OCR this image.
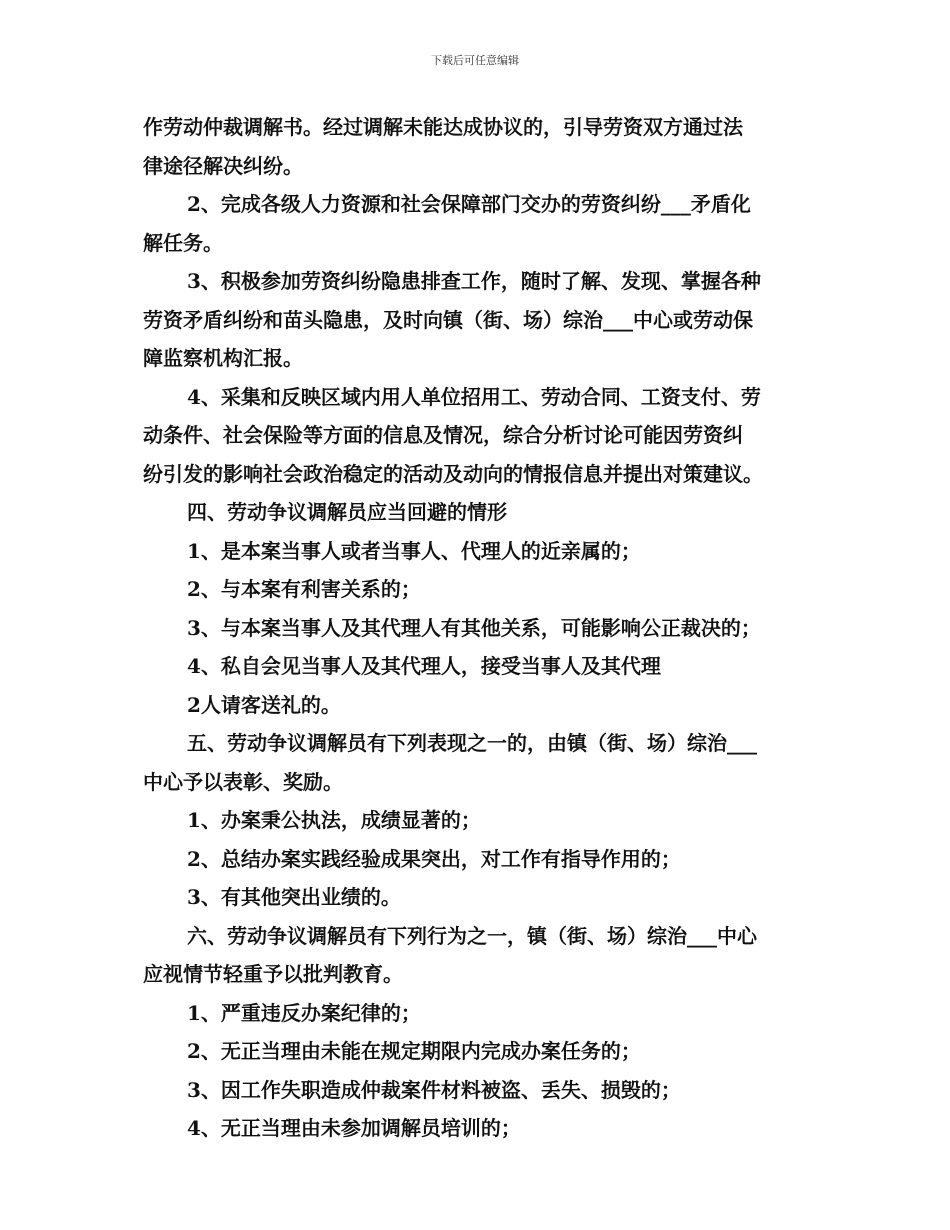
下载后可任意编辑
作劳动仲裁调解书。经过调解未能达成协议的，引导劳资双方通过法
律途径解决纠纷。
2、完成各级人力资源和社会保障部门交办的劳资纠纷___矛盾化
解任务。
3、积极参加劳资纠纷隐患排查工作，随时了解、发现、掌握各种
劳资矛盾纠纷和苗头隐患，及时向镇（街、场）综治___中心或劳动保
障监察机构汇报。
4、采集和反映区域内用人单位招用工、劳动合同、工资支付、劳
动条件、社会保险等方面的信息及情况，综合分析讨论可能因劳资纠
纷引发的影响社会政治稳定的活动及动向的情报信息并提出对策建议。
四、劳动争议调解员应当回避的情形
1、是本案当事人或者当事人、代理人的近亲属的；
2、与本案有利害关系的；
3、与本案当事人及其代理人有其他关系，可能影响公正裁决的；
4、私自会见当事人及其代理人，接受当事人及其代理
2人请客送礼的。
五、劳动争议调解员有下列表现之一的，由镇（街、场）综治___
中心予以表彰、奖励。
1、办案秉公执法，成绩显著的；
2、总结办案实践经验成果突出，对工作有指导作用的；
3、有其他突出业绩的。
六、劳动争议调解员有下列行为之一，镇（街、场）综治___中心
应视情节轻重予以批判教育。
1、严重违反办案纪律的；
2、无正当理由未能在规定期限内完成办案任务的；
3、因工作失职造成仲裁案件材料被盗、丢失、损毁的；
4、无正当理由未参加调解员培训的；
